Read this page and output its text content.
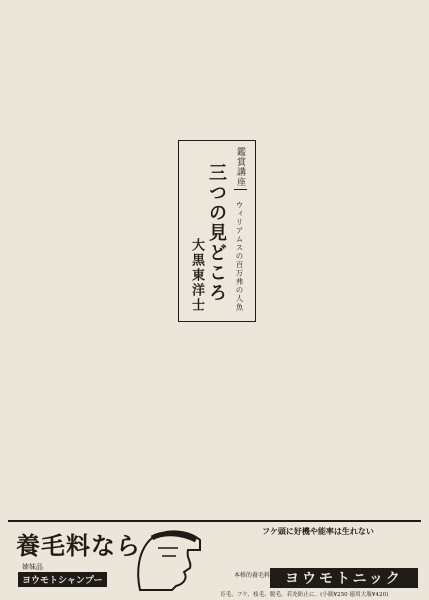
鑑賞講座
三つの見どころ ウィリアムスの百万弗の人魚
大黒東洋士
養毛料なら
姉妹品
ヨウモトシャンプー
フケ頭に好機や能率は生れない
本格的養毛料	ヨウモトニック
育毛、フケ、枝毛、脱毛、若禿防止に。(小瓶¥250 徳用大瓶¥420)
